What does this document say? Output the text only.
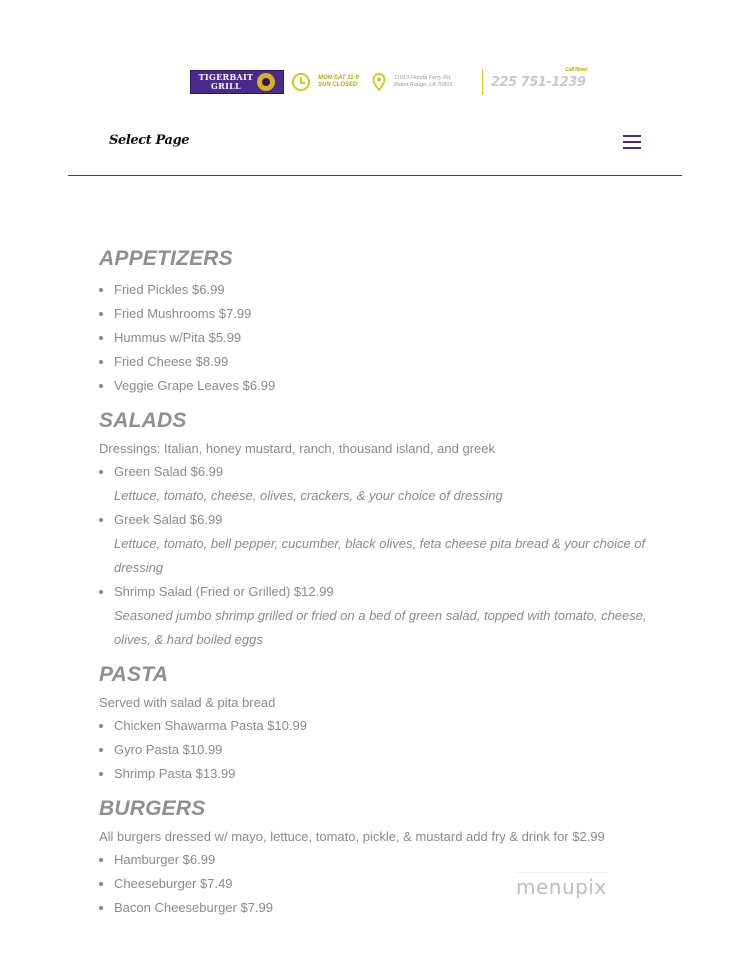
TIGERBAIT
GRILL
MON-SAT 11-9
SUN CLOSED
11013 Florida Ferry Rd,
Baton Rouge, LA 70816	225 751-1239
Call Now!
Select Page
APPETIZERS
Fried Pickles $6.99
Fried Mushrooms $7.99
Hummus w/Pita $5.99
Fried Cheese $8.99
Veggie Grape Leaves $6.99
SALADS

Dressings: Italian, honey mustard, ranch, thousand island, and greek

Green Salad $6.99
Lettuce, tomato, cheese, olives, crackers, & your choice of dressing
Greek Salad $6.99
Lettuce, tomato, bell pepper, cucumber, black olives, feta cheese pita bread & your choice of dressing
Shrimp Salad (Fried or Grilled) $12.99
Seasoned jumbo shrimp grilled or fried on a bed of green salad, topped with tomato, cheese, olives, & hard boiled eggs
PASTA

Served with salad & pita bread

Chicken Shawarma Pasta $10.99
Gyro Pasta $10.99
Shrimp Pasta $13.99
BURGERS

All burgers dressed w/ mayo, lettuce, tomato, pickle, & mustard add fry & drink for $2.99

Hamburger $6.99
Cheeseburger $7.49
Bacon Cheeseburger $7.99
menupix
